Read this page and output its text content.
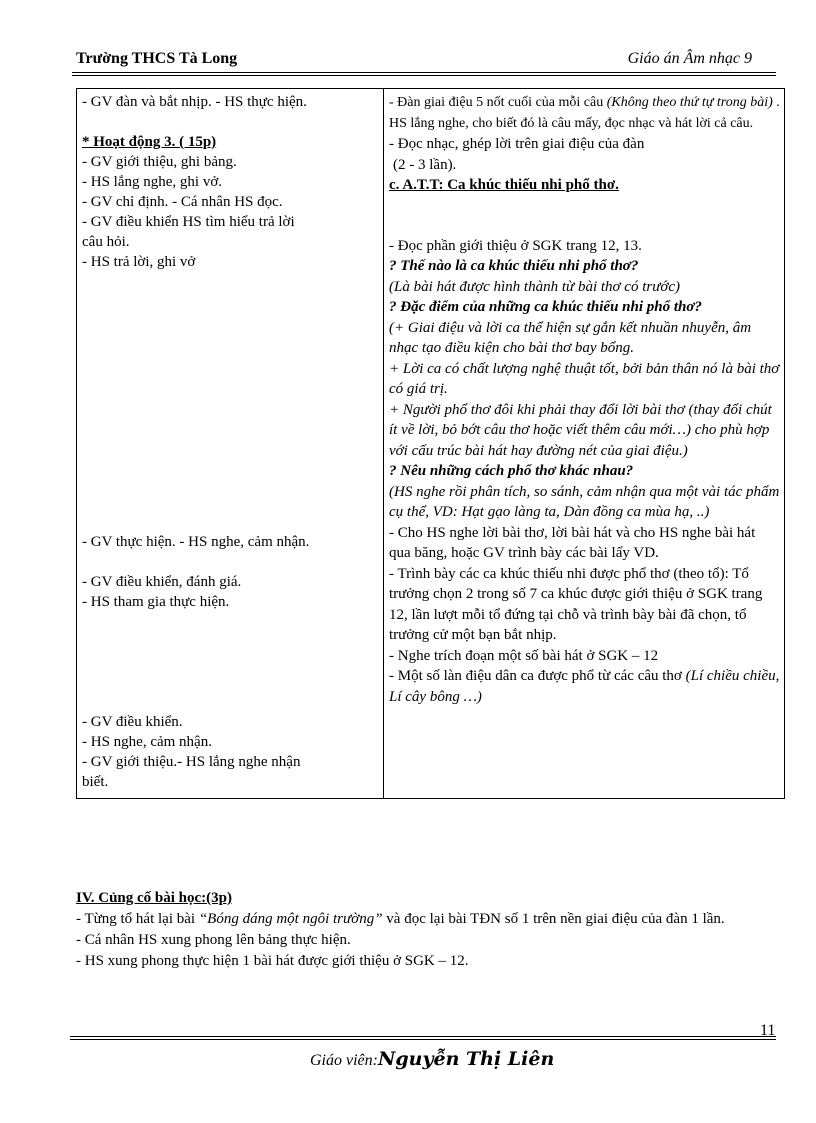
Trường THCS Tà Long	Giáo án Âm nhạc 9
- GV đàn và bắt nhịp. - HS thực hiện.
* Hoạt động 3. ( 15p)
- GV giới thiệu, ghi bảng.
- HS lắng nghe, ghi vở.
- GV chỉ định. - Cá nhân HS đọc.
- GV điều khiển HS tìm hiểu trả lời
câu hỏi.
- HS trả lời, ghi vở
- GV thực hiện. - HS nghe, cảm nhận.
- GV điều khiển, đánh giá.
- HS tham gia thực hiện.
- GV điều khiển.
- HS nghe, cảm nhận.
- GV giới thiệu.- HS lắng nghe nhận
biết.

- Đàn giai điệu 5 nốt cuối của mỗi câu (Không theo thứ tự trong bài) . HS lắng nghe, cho biết đó là câu mấy, đọc nhạc và hát lời cả câu.
- Đọc nhạc, ghép lời trên giai điệu của đàn
(2 - 3 lần).
c. A.T.T: Ca khúc thiếu nhi phổ thơ.
- Đọc phần giới thiệu ở SGK trang 12, 13.
? Thế nào là ca khúc thiếu nhi phổ thơ?
(Là bài hát được hình thành từ bài thơ có trước)
? Đặc điểm của những ca khúc thiếu nhi phổ thơ?
(+ Giai điệu và lời ca thể hiện sự gắn kết nhuần nhuyễn, âm nhạc tạo điều kiện cho bài thơ bay bổng.
+ Lời ca có chất lượng nghệ thuật tốt, bởi bản thân nó là bài thơ có giá trị.
+ Người phổ thơ đôi khi phải thay đổi lời bài thơ (thay đổi chút ít về lời, bỏ bớt câu thơ hoặc viết thêm câu mới…) cho phù hợp với cấu trúc bài hát hay đường nét của giai điệu.)
? Nêu những cách phổ thơ khác nhau?
(HS nghe rồi phân tích, so sánh, cảm nhận qua một vài tác phẩm cụ thể, VD: Hạt gạo làng ta, Dàn đồng ca mùa hạ, ..)
- Cho HS nghe lời bài thơ, lời bài hát và cho HS nghe bài hát qua băng, hoặc GV trình bày các bài lấy VD.
- Trình bày các ca khúc thiếu nhi được phổ thơ (theo tổ): Tổ trưởng chọn 2 trong số 7 ca khúc được giới thiệu ở SGK trang 12, lần lượt mỗi tổ đứng tại chỗ và trình bày bài đã chọn, tổ trưởng cử một bạn bắt nhịp.
- Nghe trích đoạn một số bài hát ở SGK – 12
- Một số làn điệu dân ca được phổ từ các câu thơ (Lí chiều chiều, Lí cây bông …)
IV. Củng cố bài học:(3p)
- Từng tổ hát lại bài “Bóng dáng một ngôi trường” và đọc lại bài TĐN số 1 trên nền giai điệu của đàn 1 lần.
- Cá nhân HS xung phong lên bảng thực hiện.
- HS xung phong thực hiện 1 bài hát được giới thiệu ở SGK – 12.
11
Giáo viên:Nguyễn Thị Liên
